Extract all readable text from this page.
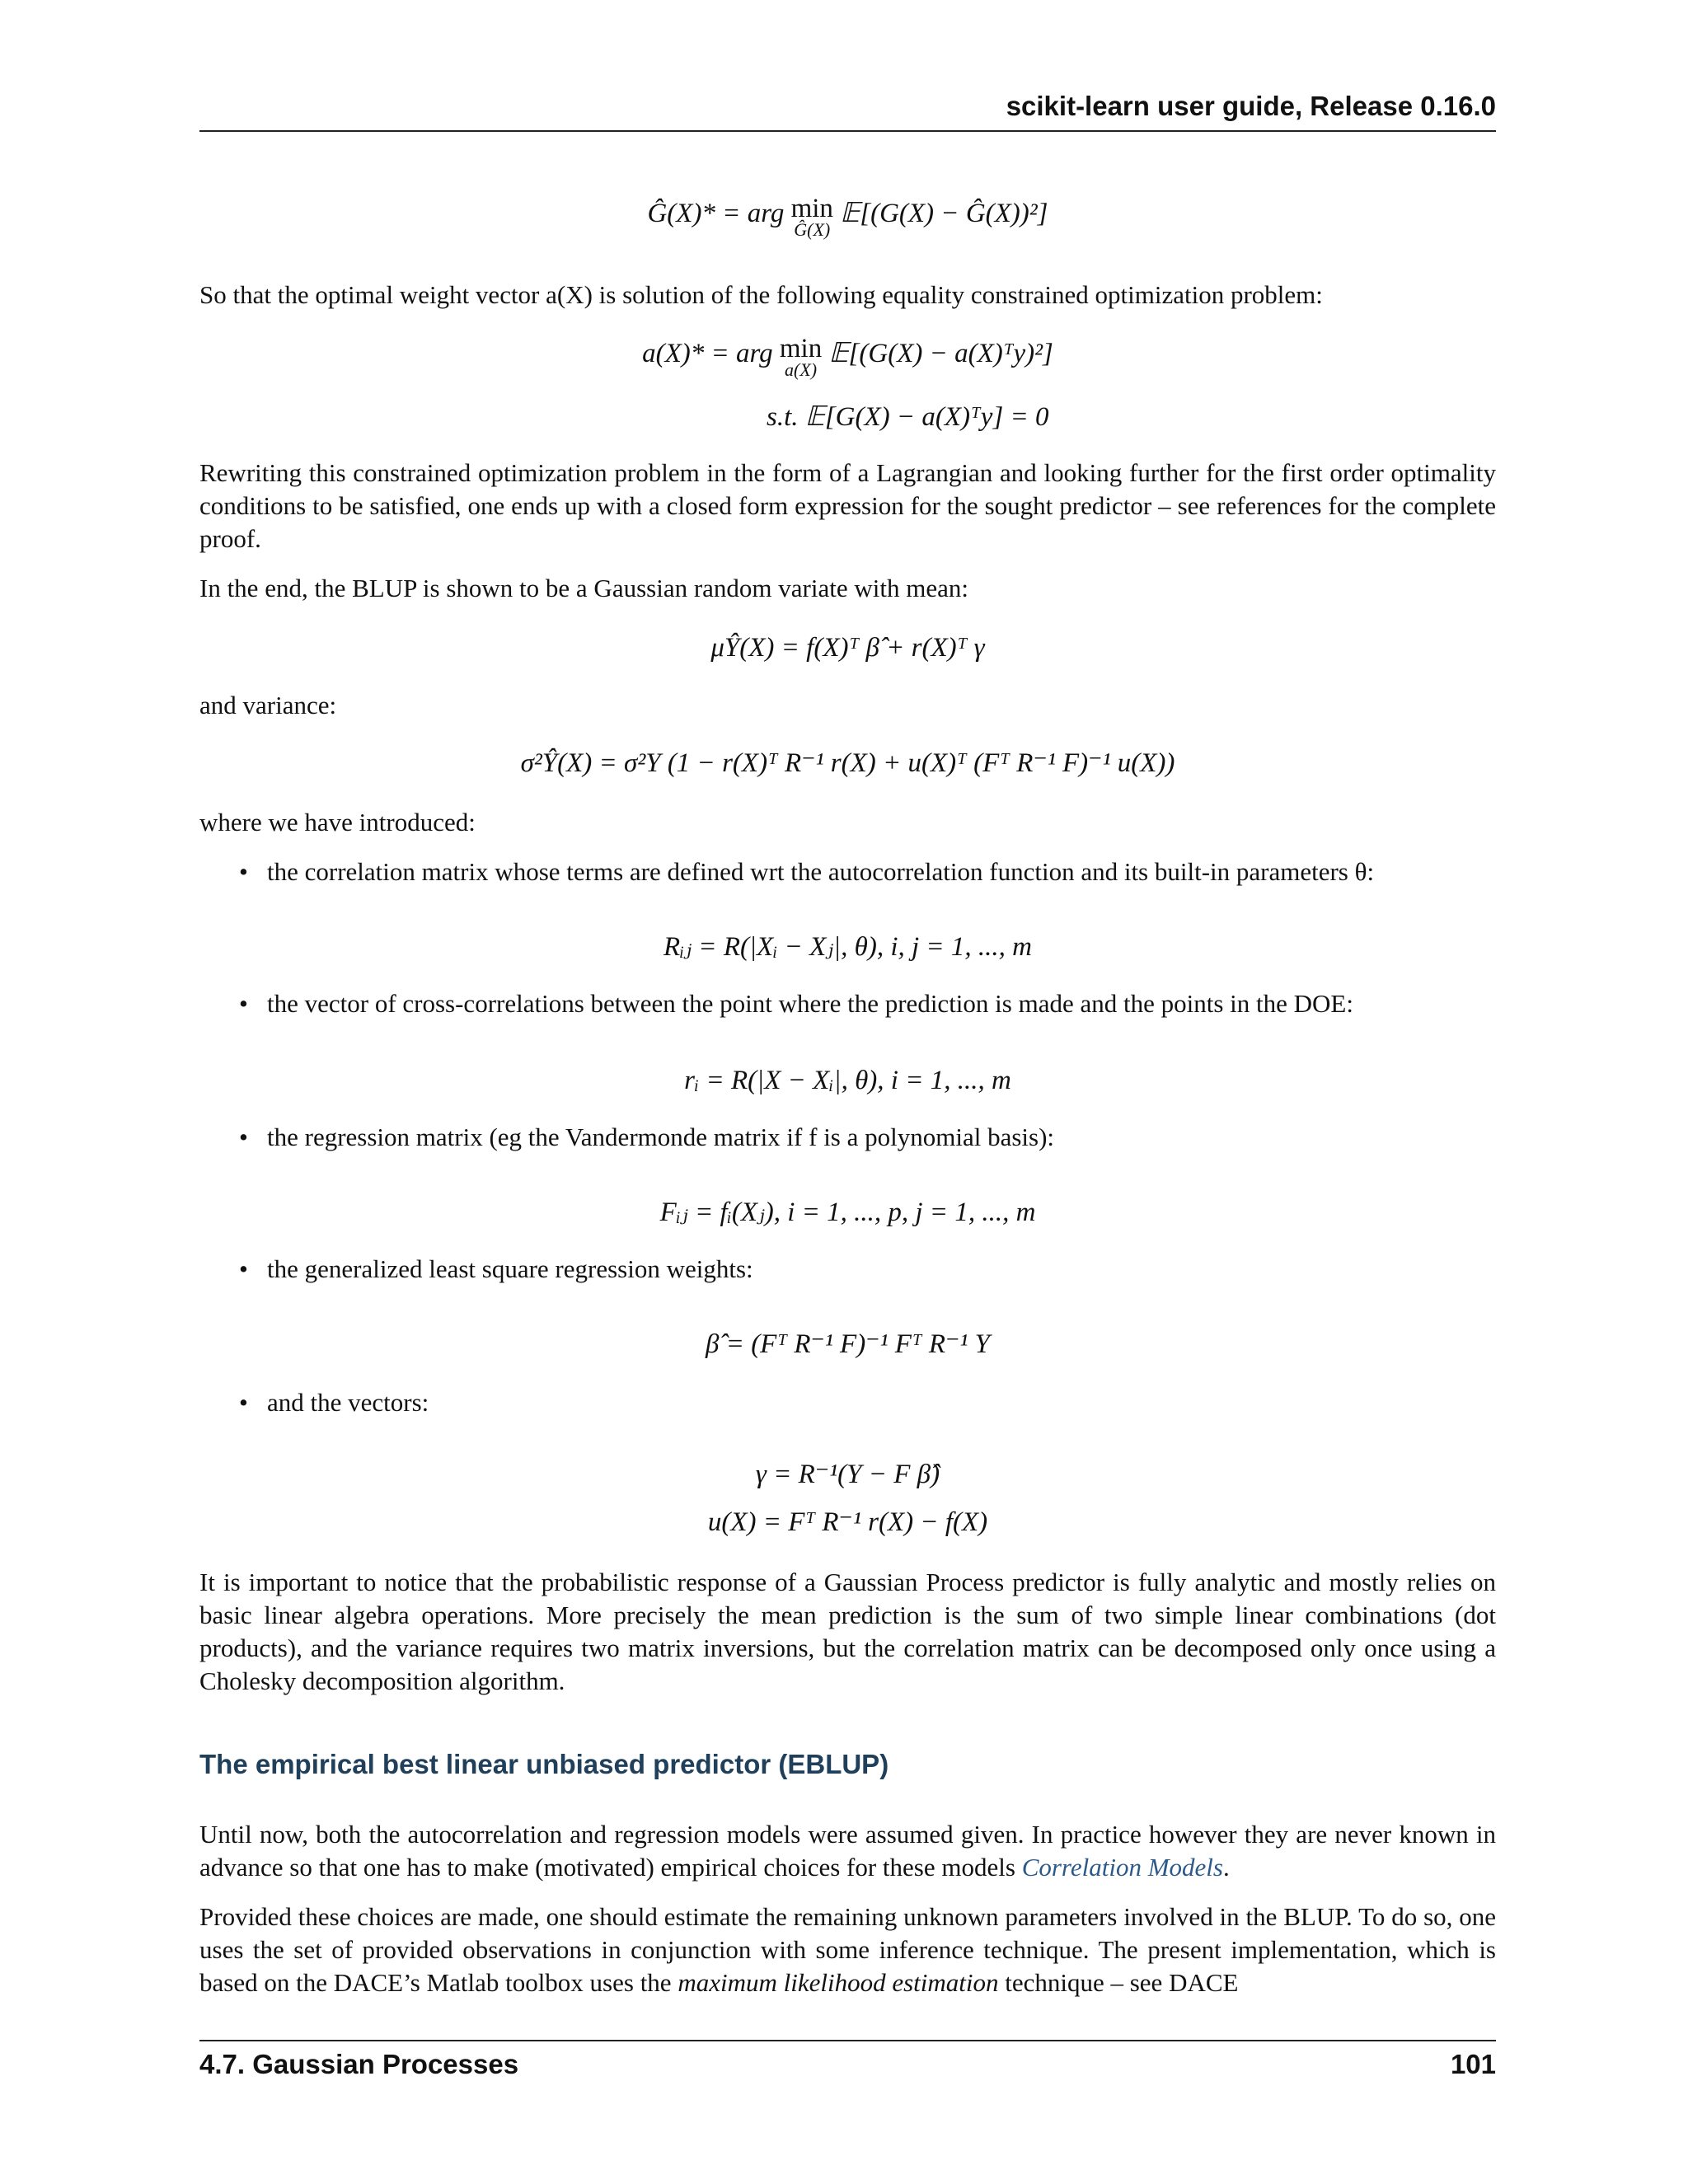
scikit-learn user guide, Release 0.16.0
Ĝ(X)* = arg min
Ĝ(X)
𝔼[(G(X) − Ĝ(X))²]
So that the optimal weight vector a(X) is solution of the following equality constrained optimization problem:
a(X)* = arg min
a(X)
𝔼[(G(X) − a(X)ᵀy)²]
s.t. 𝔼[G(X) − a(X)ᵀy] = 0
Rewriting this constrained optimization problem in the form of a Lagrangian and looking further for the first order optimality conditions to be satisfied, one ends up with a closed form expression for the sought predictor – see references for the complete proof.
In the end, the BLUP is shown to be a Gaussian random variate with mean:
μŶ(X) = f(X)ᵀ β̂ + r(X)ᵀ γ
and variance:
σ²Ŷ(X) = σ²Y (1 − r(X)ᵀ R⁻¹ r(X) + u(X)ᵀ (Fᵀ R⁻¹ F)⁻¹ u(X))
where we have introduced:
• the correlation matrix whose terms are defined wrt the autocorrelation function and its built-in parameters θ:
Rᵢⱼ = R(|Xᵢ − Xⱼ|, θ), i, j = 1, ..., m
• the vector of cross-correlations between the point where the prediction is made and the points in the DOE:
rᵢ = R(|X − Xᵢ|, θ), i = 1, ..., m
• the regression matrix (eg the Vandermonde matrix if f is a polynomial basis):
Fᵢⱼ = fᵢ(Xⱼ), i = 1, ..., p, j = 1, ..., m
• the generalized least square regression weights:
β̂ = (Fᵀ R⁻¹ F)⁻¹ Fᵀ R⁻¹ Y
• and the vectors:
γ = R⁻¹(Y − F β̂)
u(X) = Fᵀ R⁻¹ r(X) − f(X)
It is important to notice that the probabilistic response of a Gaussian Process predictor is fully analytic and mostly relies on basic linear algebra operations. More precisely the mean prediction is the sum of two simple linear combinations (dot products), and the variance requires two matrix inversions, but the correlation matrix can be decomposed only once using a Cholesky decomposition algorithm.
The empirical best linear unbiased predictor (EBLUP)
Until now, both the autocorrelation and regression models were assumed given. In practice however they are never known in advance so that one has to make (motivated) empirical choices for these models Correlation Models.
Provided these choices are made, one should estimate the remaining unknown parameters involved in the BLUP. To do so, one uses the set of provided observations in conjunction with some inference technique. The present implementation, which is based on the DACE’s Matlab toolbox uses the maximum likelihood estimation technique – see DACE
4.7. Gaussian Processes	101
